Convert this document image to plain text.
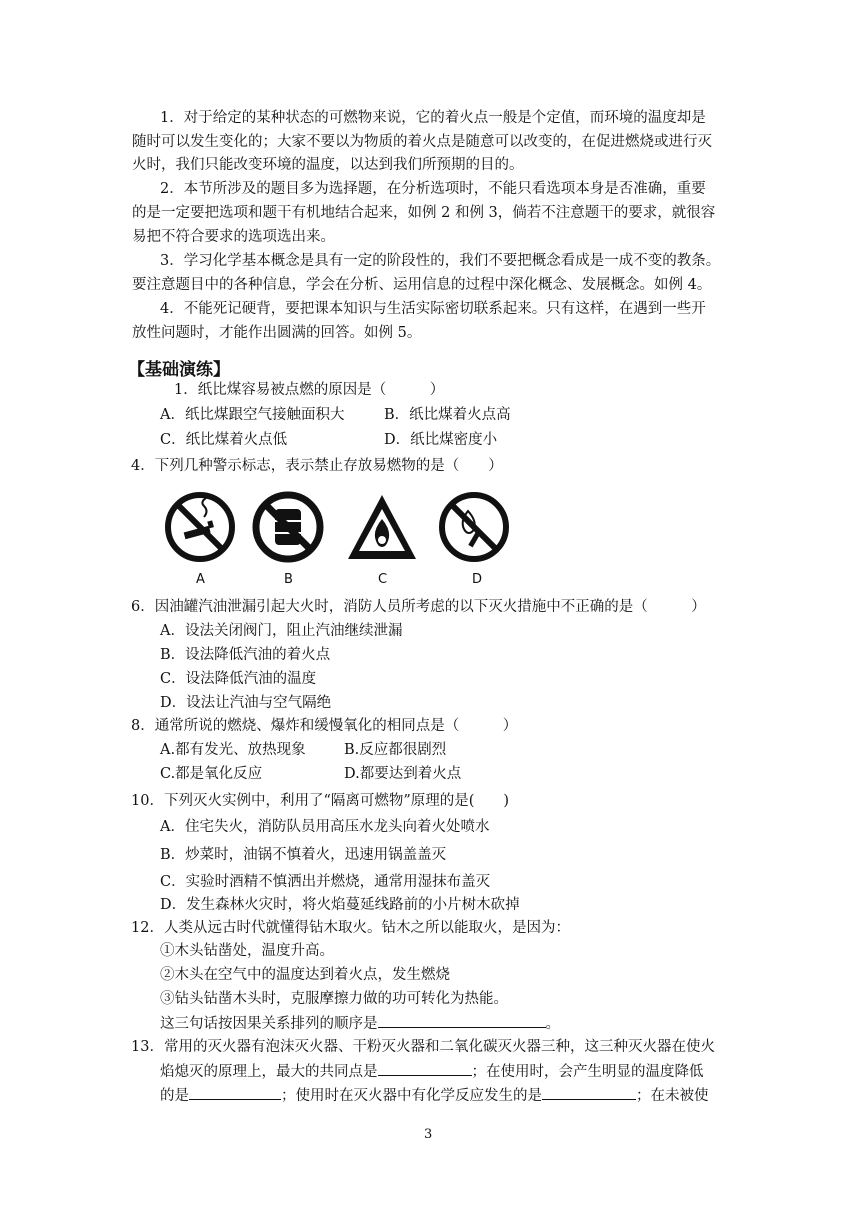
1．对于给定的某种状态的可燃物来说，它的着火点一般是个定值，而环境的温度却是
随时可以发生变化的；大家不要以为物质的着火点是随意可以改变的，在促进燃烧或进行灭
火时，我们只能改变环境的温度，以达到我们所预期的目的。
2．本节所涉及的题目多为选择题，在分析选项时，不能只看选项本身是否准确，重要
的是一定要把选项和题干有机地结合起来，如例 2 和例 3，倘若不注意题干的要求，就很容
易把不符合要求的选项选出来。
3．学习化学基本概念是具有一定的阶段性的，我们不要把概念看成是一成不变的教条。
要注意题目中的各种信息，学会在分析、运用信息的过程中深化概念、发展概念。如例 4。
4．不能死记硬背，要把课本知识与生活实际密切联系起来。只有这样，在遇到一些开
放性问题时，才能作出圆满的回答。如例 5。
【基础演练】
1．纸比煤容易被点燃的原因是（　　　）
A．纸比煤跟空气接触面积大	B．纸比煤着火点高
C．纸比煤着火点低	D．纸比煤密度小
4．下列几种警示标志，表示禁止存放易燃物的是（　　）
A	B	C	D
6．因油罐汽油泄漏引起大火时，消防人员所考虑的以下灭火措施中不正确的是（　　　）
A．设法关闭阀门，阻止汽油继续泄漏
B．设法降低汽油的着火点
C．设法降低汽油的温度
D．设法让汽油与空气隔绝
8．通常所说的燃烧、爆炸和缓慢氧化的相同点是（　　　）
A.都有发光、放热现象	B.反应都很剧烈
C.都是氧化反应	D.都要达到着火点
10．下列灭火实例中，利用了“隔离可燃物”原理的是(　　)
A．住宅失火，消防队员用高压水龙头向着火处喷水
B．炒菜时，油锅不慎着火，迅速用锅盖盖灭
C．实验时酒精不慎洒出并燃烧，通常用湿抹布盖灭
D．发生森林火灾时，将火焰蔓延线路前的小片树木砍掉
12．人类从远古时代就懂得钻木取火。钻木之所以能取火，是因为：
①木头钻凿处，温度升高。
②木头在空气中的温度达到着火点，发生燃烧
③钻头钻凿木头时，克服摩擦力做的功可转化为热能。
这三句话按因果关系排列的顺序是	。
13．常用的灭火器有泡沫灭火器、干粉灭火器和二氧化碳灭火器三种，这三种灭火器在使火
焰熄灭的原理上，最大的共同点是	；在使用时，会产生明显的温度降低
的是	；使用时在灭火器中有化学反应发生的是	；在未被使
3
